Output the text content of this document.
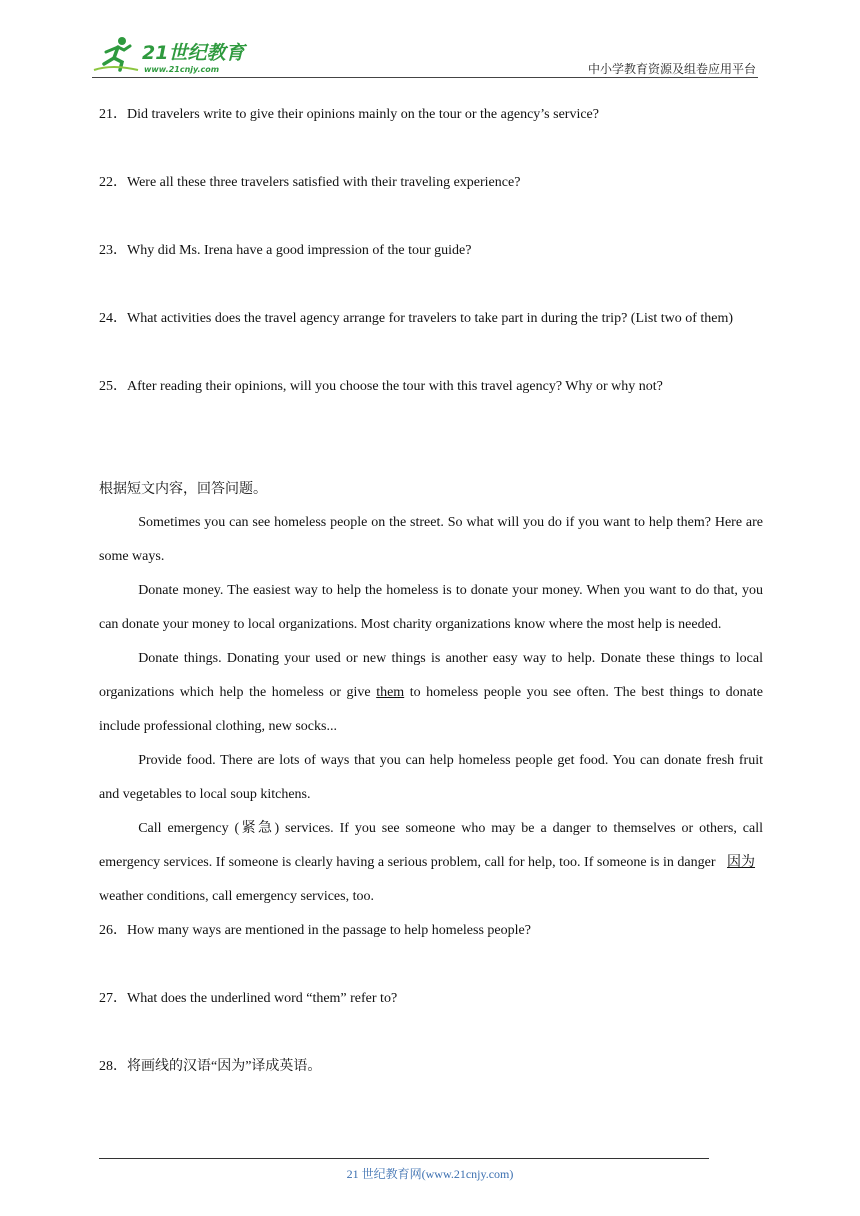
21世纪教育
www.21cnjy.com	中小学教育资源及组卷应用平台

21．Did travelers write to give their opinions mainly on the tour or the agency’s service?

22．Were all these three travelers satisfied with their traveling experience?

23．Why did Ms. Irena have a good impression of the tour guide?

24．What activities does the travel agency arrange for travelers to take part in during the trip? (List two of them)

25．After reading their opinions, will you choose the tour with this travel agency? Why or why not?

根据短文内容，回答问题。

Sometimes you can see homeless people on the street. So what will you do if you want to help them? Here are some ways.

Donate money. The easiest way to help the homeless is to donate your money. When you want to do that, you can donate your money to local organizations. Most charity organizations know where the most help is needed.

Donate things. Donating your used or new things is another easy way to help. Donate these things to local organizations which help the homeless or give them to homeless people you see often. The best things to donate include professional clothing, new socks...

Provide food. There are lots of ways that you can help homeless people get food. You can donate fresh fruit and vegetables to local soup kitchens.

Call emergency (紧急) services. If you see someone who may be a danger to themselves or others, call emergency services. If someone is clearly having a serious problem, call for help, too. If someone is in danger 因为 weather conditions, call emergency services, too.

26．How many ways are mentioned in the passage to help homeless people?

27．What does the underlined word “them” refer to?

28．将画线的汉语“因为”译成英语。

21 世纪教育网(www.21cnjy.com)
